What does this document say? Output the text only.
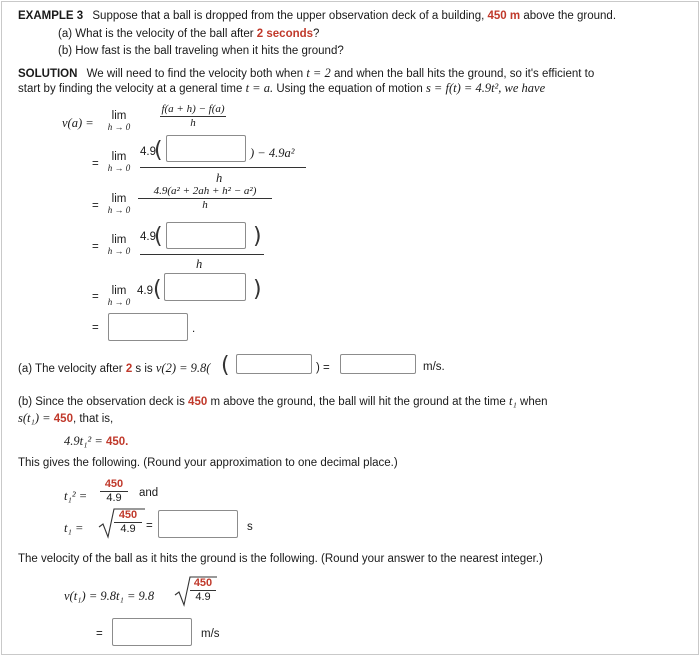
EXAMPLE 3 Suppose that a ball is dropped from the upper observation deck of a building, 450 m above the ground.
(a) What is the velocity of the ball after 2 seconds?
(b) How fast is the ball traveling when it hits the ground?
SOLUTION We will need to find the velocity both when t = 2 and when the ball hits the ground, so it's efficient to
start by finding the velocity at a general time t = a. Using the equation of motion s = f(t) = 4.9t², we have
v(a) =	lim
h → 0	$\frac{f(a + h) - f(a)}{h}$
=
lim
h → 0
4.9
(	) − 4.9a²
h
=
lim
$h \to 0 \frac{\text{4.9(a² + 2ah + h² − a²)}}{h}$
=
lim
h → 0
4.9
(	)
h
=	lim
h → 0
4.9 (	)
=	.
(a) The velocity after 2 s is v(2) = 9.8( (	) =	m/s.
(b) Since the observation deck is 450 m above the ground, the ball will hit the ground at the time t₁ when
s(t₁) = 450, that is,
4.9t₁² = 450.
This gives the following. (Round your approximation to one decimal place.)
$t_1^2 = \frac{450}{4.9}$ and
t₁ =	$\frac{450}{4.9}$ =	s
The velocity of the ball as it hits the ground is the following. (Round your answer to the nearest integer.)
v(t₁) = 9.8t₁ = 9.8	$\frac{450}{4.9}$
=	m/s
